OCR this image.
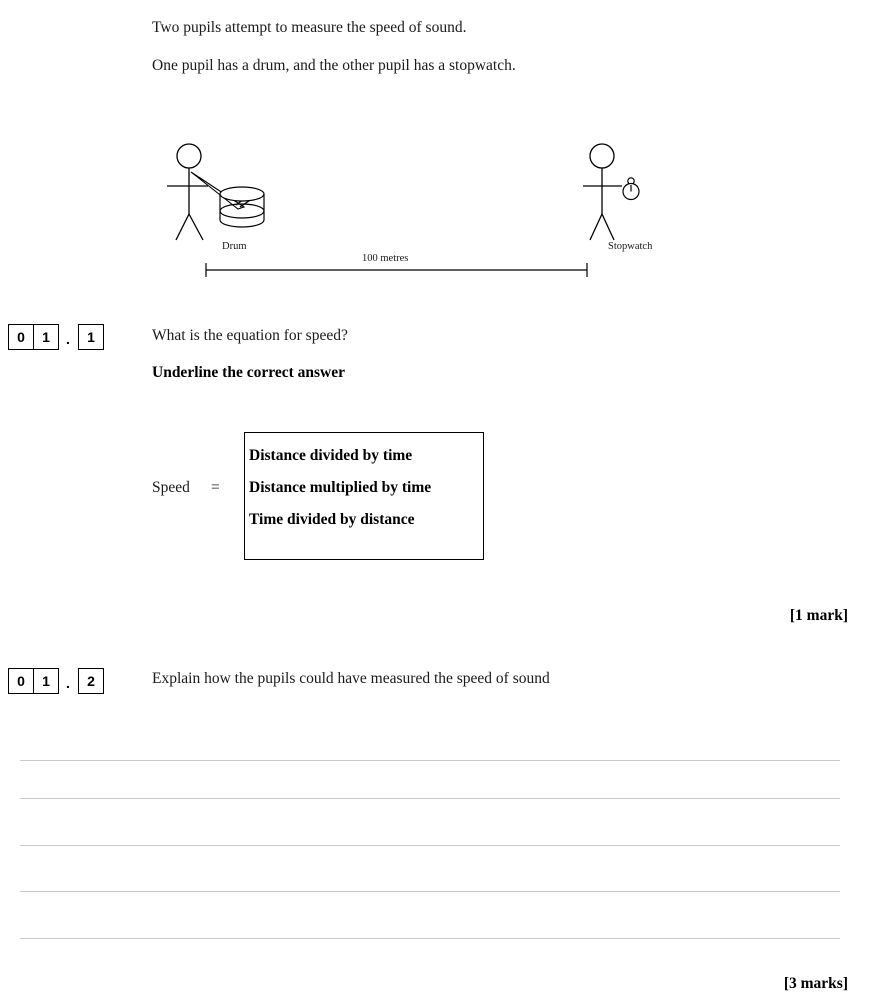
Two pupils attempt to measure the speed of sound.
One pupil has a drum, and the other pupil has a stopwatch.
Drum	Stopwatch
100 metres
0	1	.	1	What is the equation for speed?
Underline the correct answer
Speed =
Distance divided by time
Distance multiplied by time
Time divided by distance
[1 mark]
0	1	.	2	Explain how the pupils could have measured the speed of sound
[3 marks]
